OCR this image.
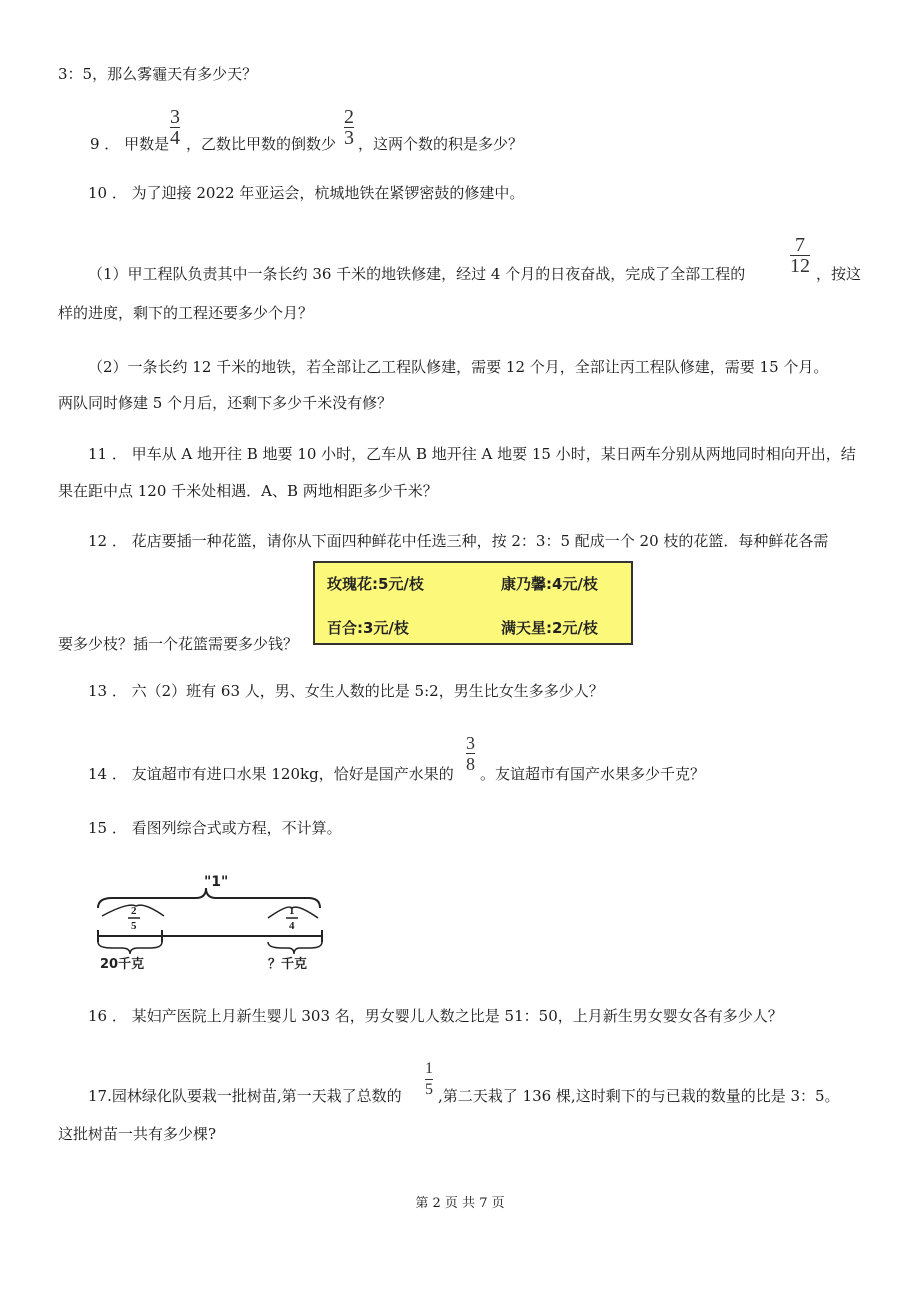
3：5，那么雾霾天有多少天？
9 ． 甲数是
3
4 ，乙数比甲数的倒数少
2
3 ，这两个数的积是多少？
10 ． 为了迎接 2022 年亚运会，杭城地铁在紧锣密鼓的修建中。
（1）甲工程队负责其中一条长约 36 千米的地铁修建，经过 4 个月的日夜奋战，完成了全部工程的
7
12 ，按这
样的进度，剩下的工程还要多少个月？
（2）一条长约 12 千米的地铁，若全部让乙工程队修建，需要 12 个月，全部让丙工程队修建，需要 15 个月。
两队同时修建 5 个月后，还剩下多少千米没有修？
11 ． 甲车从 A 地开往 B 地要 10 小时，乙车从 B 地开往 A 地要 15 小时，某日两车分别从两地同时相向开出，结
果在距中点 120 千米处相遇．A、B 两地相距多少千米？
12 ． 花店要插一种花篮，请你从下面四种鲜花中任选三种，按 2：3：5 配成一个 20 枝的花篮．每种鲜花各需
玫瑰花:5元/枝	康乃馨:4元/枝
百合:3元/枝	满天星:2元/枝
要多少枝？插一个花篮需要多少钱？
13 ． 六（2）班有 63 人，男、女生人数的比是 5:2，男生比女生多多少人？
14 ． 友谊超市有进口水果 120kg，恰好是国产水果的
3
8 。友谊超市有国产水果多少千克？
15 ． 看图列综合式或方程，不计算。
"1"
2
5
1
4
20千克	？千克
16 ． 某妇产医院上月新生婴儿 303 名，男女婴儿人数之比是 51：50，上月新生男女婴女各有多少人？
17.园林绿化队要栽一批树苗,第一天栽了总数的
1
5 ,第二天栽了 136 棵,这时剩下的与已栽的数量的比是 3：5。
这批树苗一共有多少棵?
第 2 页 共 7 页
